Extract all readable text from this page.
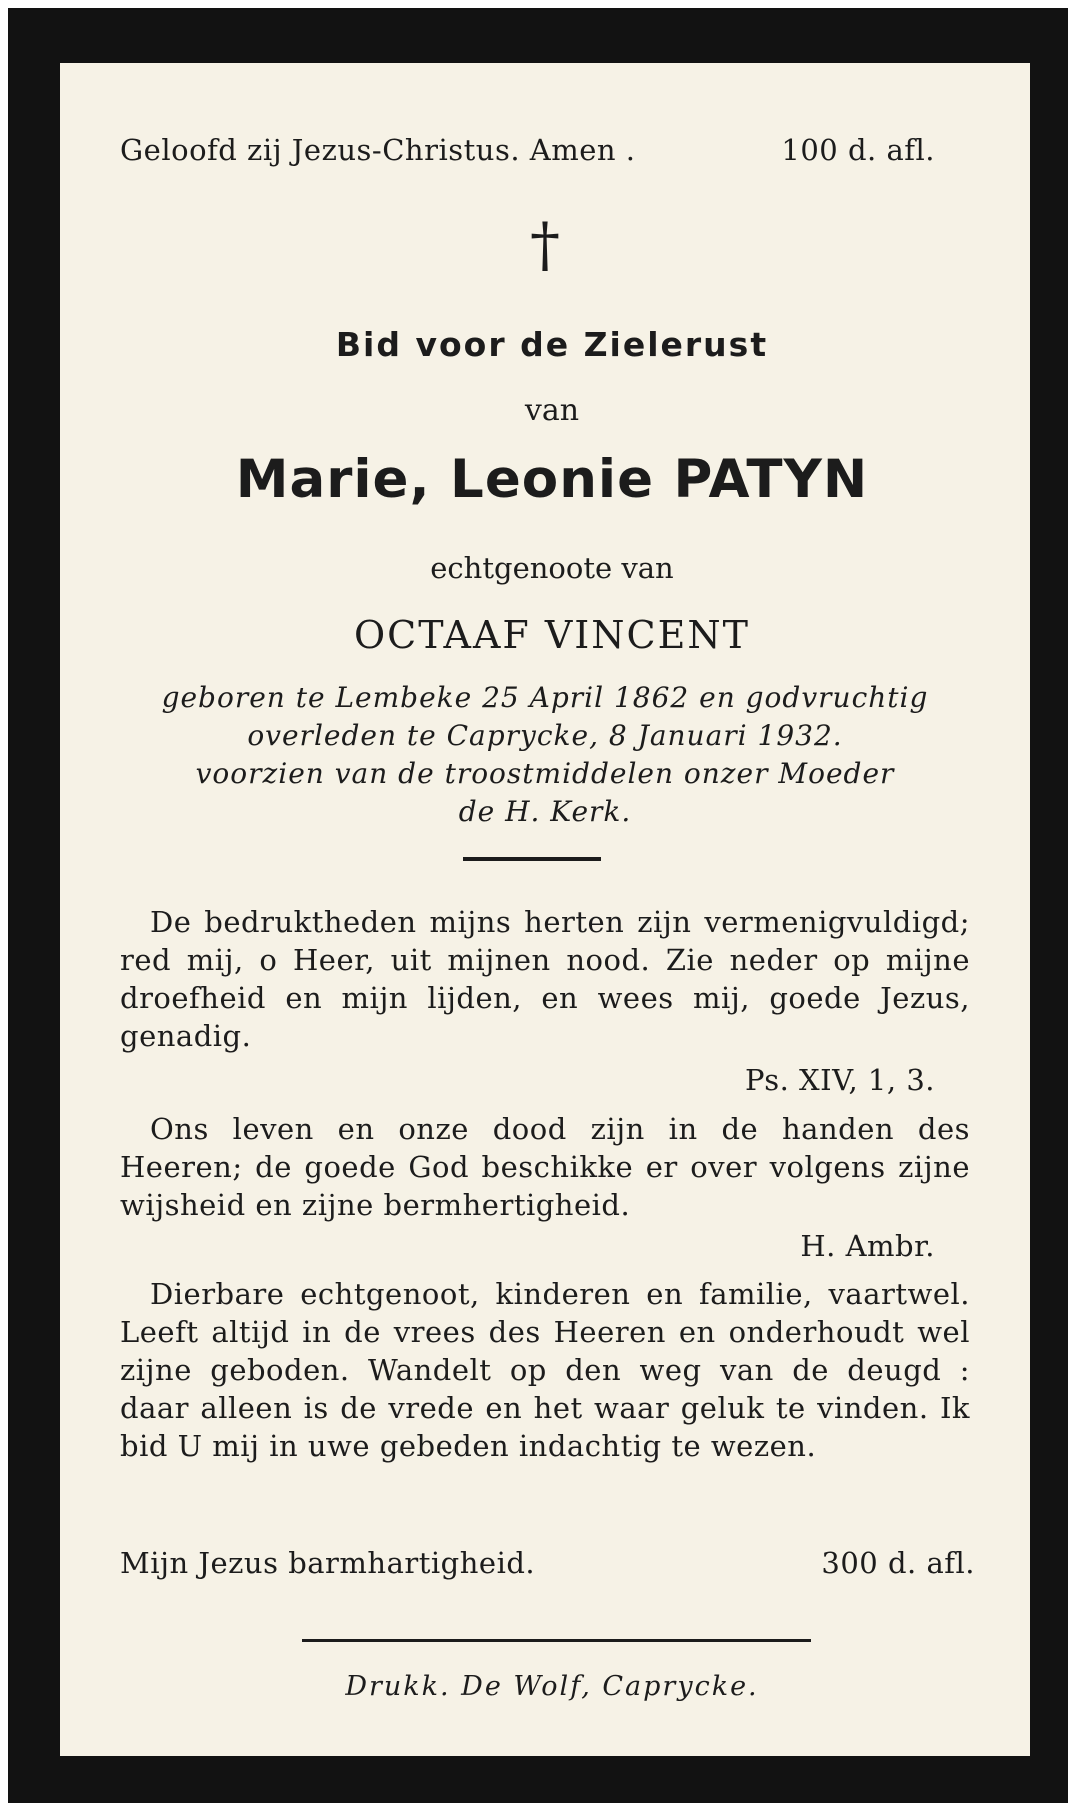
Geloofd zij Jezus-Christus. Amen .	100 d. afl.
†
Bid voor de Zielerust
van
Marie, Leonie PATYN
echtgenoote van
OCTAAF VINCENT
geboren te Lembeke 25 April 1862 en godvruchtig
overleden te Caprycke, 8 Januari 1932.
voorzien van de troostmiddelen onzer Moeder
de H. Kerk.
De bedruktheden mijns herten zijn vermenigvuldigd; red mij, o Heer, uit mijnen nood. Zie neder op mijne droefheid en mijn lijden, en wees mij, goede Jezus, genadig.
Ps. XIV, 1, 3.
Ons leven en onze dood zijn in de handen des Heeren; de goede God beschikke er over volgens zijne wijsheid en zijne bermhertigheid.
H. Ambr.
Dierbare echtgenoot, kinderen en familie, vaartwel. Leeft altijd in de vrees des Heeren en onderhoudt wel zijne geboden. Wandelt op den weg van de deugd : daar alleen is de vrede en het waar geluk te vinden. Ik bid U mij in uwe gebeden indachtig te wezen.
Mijn Jezus barmhartigheid.	300 d. afl.
Drukk. De Wolf, Caprycke.
